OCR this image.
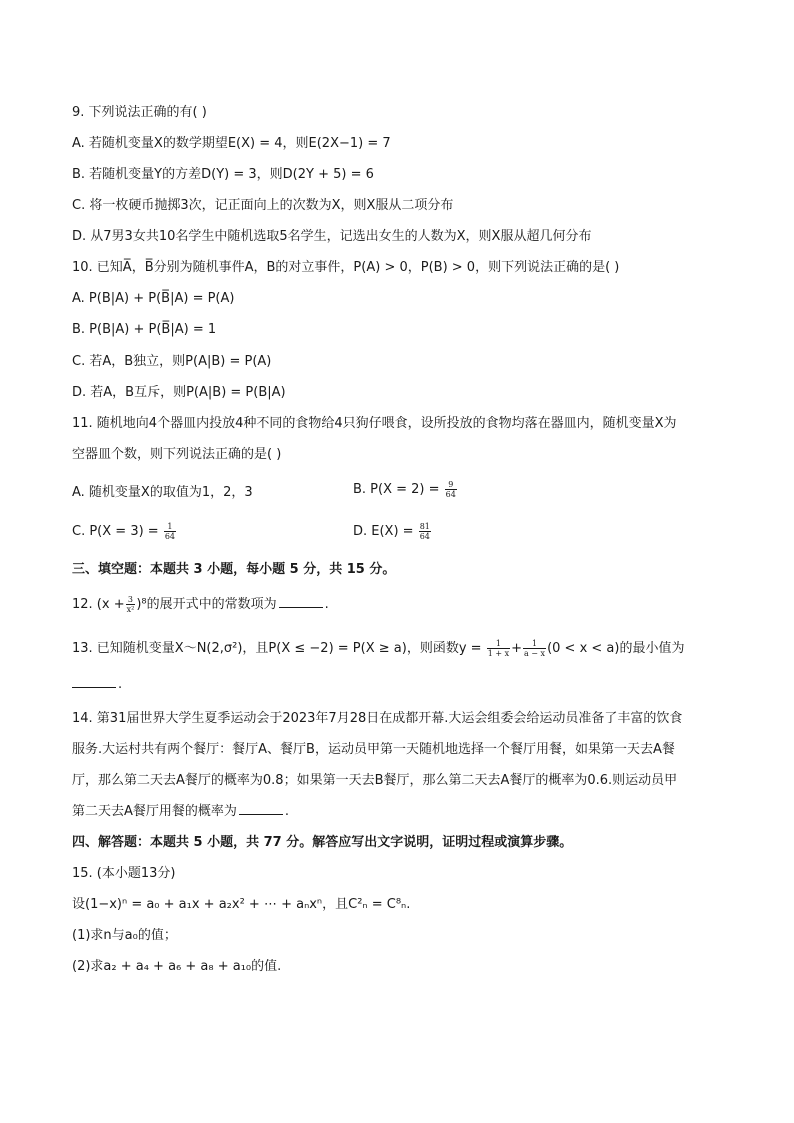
9. 下列说法正确的有( )
A. 若随机变量X的数学期望E(X) = 4，则E(2X−1) = 7
B. 若随机变量Y的方差D(Y) = 3，则D(2Y + 5) = 6
C. 将一枚硬币抛掷3次，记正面向上的次数为X，则X服从二项分布
D. 从7男3女共10名学生中随机选取5名学生，记选出女生的人数为X，则X服从超几何分布
10. 已知A̅，B̅分别为随机事件A，B的对立事件，P(A) > 0，P(B) > 0，则下列说法正确的是( )
A. P(B|A) + P(B̅|A) = P(A)
B. P(B|A) + P(B̅|A) = 1
C. 若A，B独立，则P(A|B) = P(A)
D. 若A，B互斥，则P(A|B) = P(B|A)
11. 随机地向4个器皿内投放4种不同的食物给4只狗仔喂食，设所投放的食物均落在器皿内，随机变量X为
空器皿个数，则下列说法正确的是( )
A. 随机变量X的取值为1，2，3	B. $P(X = 2) = \frac{9}{64}$
C. $P(X = 3) = \frac{1}{64}$	D. $E(X) = \frac{81}{64}$
三、填空题：本题共 3 小题，每小题 5 分，共 15 分。
12. $(x + \frac{3}{\text{x²}} )^8$的展开式中的常数项为	.
13. 已知随机变量X～N(2,σ²)，且P(X ≤ −2) = P(X ≥ a)，则函数$y = \frac{1}{1 + x} + \frac{1}{a - x} (0 < x < a)$的最小值为
.
14. 第31届世界大学生夏季运动会于2023年7月28日在成都开幕.大运会组委会给运动员准备了丰富的饮食
服务.大运村共有两个餐厅：餐厅A、餐厅B，运动员甲第一天随机地选择一个餐厅用餐，如果第一天去A餐
厅，那么第二天去A餐厅的概率为0.8；如果第一天去B餐厅，那么第二天去A餐厅的概率为0.6.则运动员甲
第二天去A餐厅用餐的概率为	.
四、解答题：本题共 5 小题，共 77 分。解答应写出文字说明，证明过程或演算步骤。
15. (本小题13分)
设(1−x)ⁿ = a₀ + a₁x + a₂x² + ⋯ + aₙxⁿ，且C²ₙ = C⁸ₙ.
(1)求n与a₀的值；
(2)求a₂ + a₄ + a₆ + a₈ + a₁₀的值.
